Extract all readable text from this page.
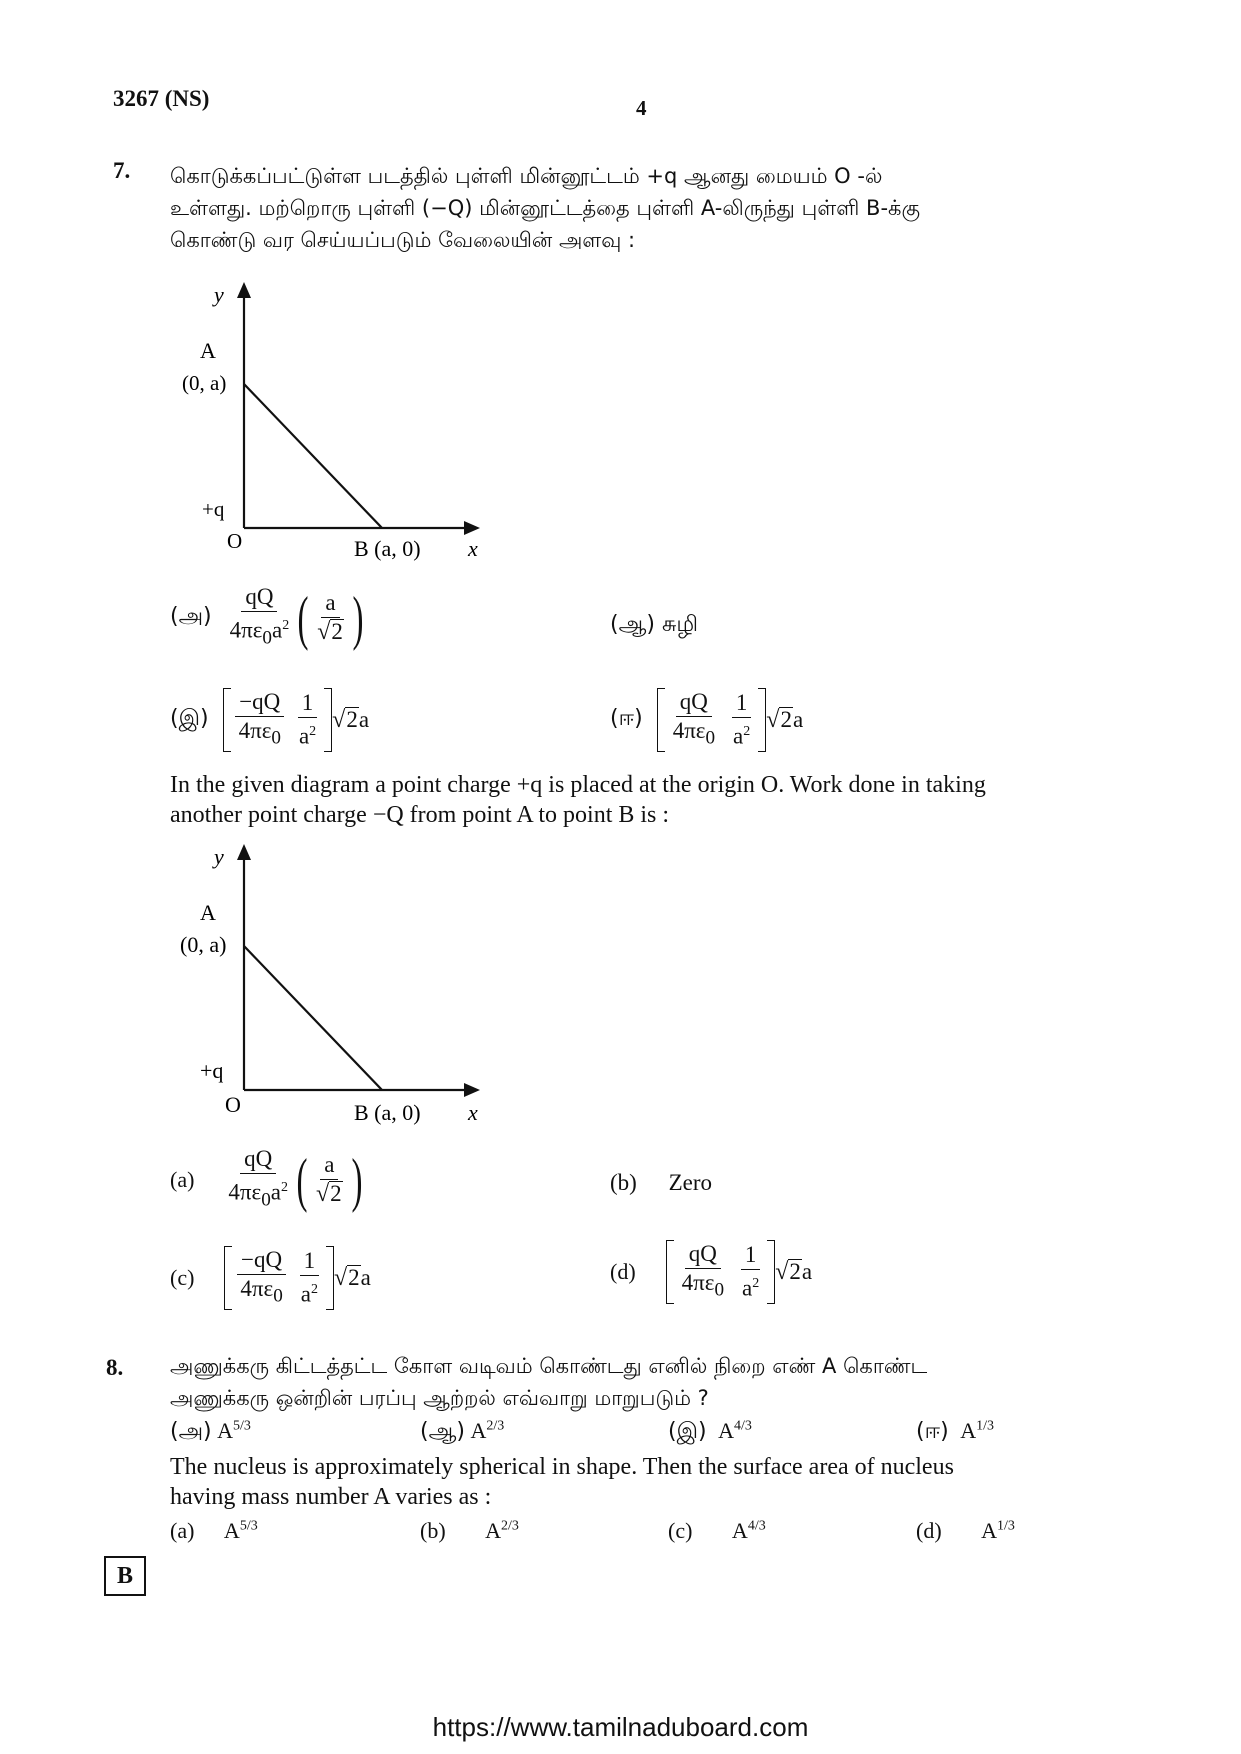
3267 (NS)	4
7. கொடுக்கப்பட்டுள்ள படத்தில் புள்ளி மின்னூட்டம் +q ஆனது மையம் O -ல்
உள்ளது. மற்றொரு புள்ளி (−Q) மின்னூட்டத்தை புள்ளி A-லிருந்து புள்ளி B-க்கு
கொண்டு வர செய்யப்படும் வேலையின் அளவு :
y
A
(0, a)
+q
O	B (a, 0) x
(அ) $\frac{qQ}{4\pi\varepsilon_0a^2}$ ( $\frac{a}{√ 2}$ )	(ஆ) சுழி
(இ) $\frac{-qQ}{4\pi\varepsilon_0} \frac{1}{a^2}$ √ 2 a	(ஈ) $\frac{qQ}{4\pi\varepsilon_0} \frac{1}{a^2}$ √ 2 a
In the given diagram a point charge +q is placed at the origin O. Work done in taking
another point charge −Q from point A to point B is :
y
A
(0, a)
+q
O	B (a, 0) x
$(a) \frac{qQ}{4\pi\varepsilon_0a^2}$ ( $\frac{a}{√ 2}$ )	(b) Zero
$(c) \frac{-qQ}{4\pi\varepsilon_0} \frac{1}{a^2}$ √ 2 a	$(d) \frac{qQ}{4\pi\varepsilon_0} \frac{1}{a^2}$ √ 2 a
8. அணுக்கரு கிட்டத்தட்ட கோள வடிவம் கொண்டது எனில் நிறை எண் A கொண்ட
அணுக்கரு ஒன்றின் பரப்பு ஆற்றல் எவ்வாறு மாறுபடும் ?
(அ) $A^{5/3}$	(ஆ) $A^{2/3}$	(இ) $A^{4/3}$	(ஈ) $A^{1/3}$
The nucleus is approximately spherical in shape. Then the surface area of nucleus
having mass number A varies as :
(a) $A^{5/3}$	(b) $A^{2/3}$	(c) $A^{4/3}$	(d) $A^{1/3}$
B
https://www.tamilnaduboard.com
